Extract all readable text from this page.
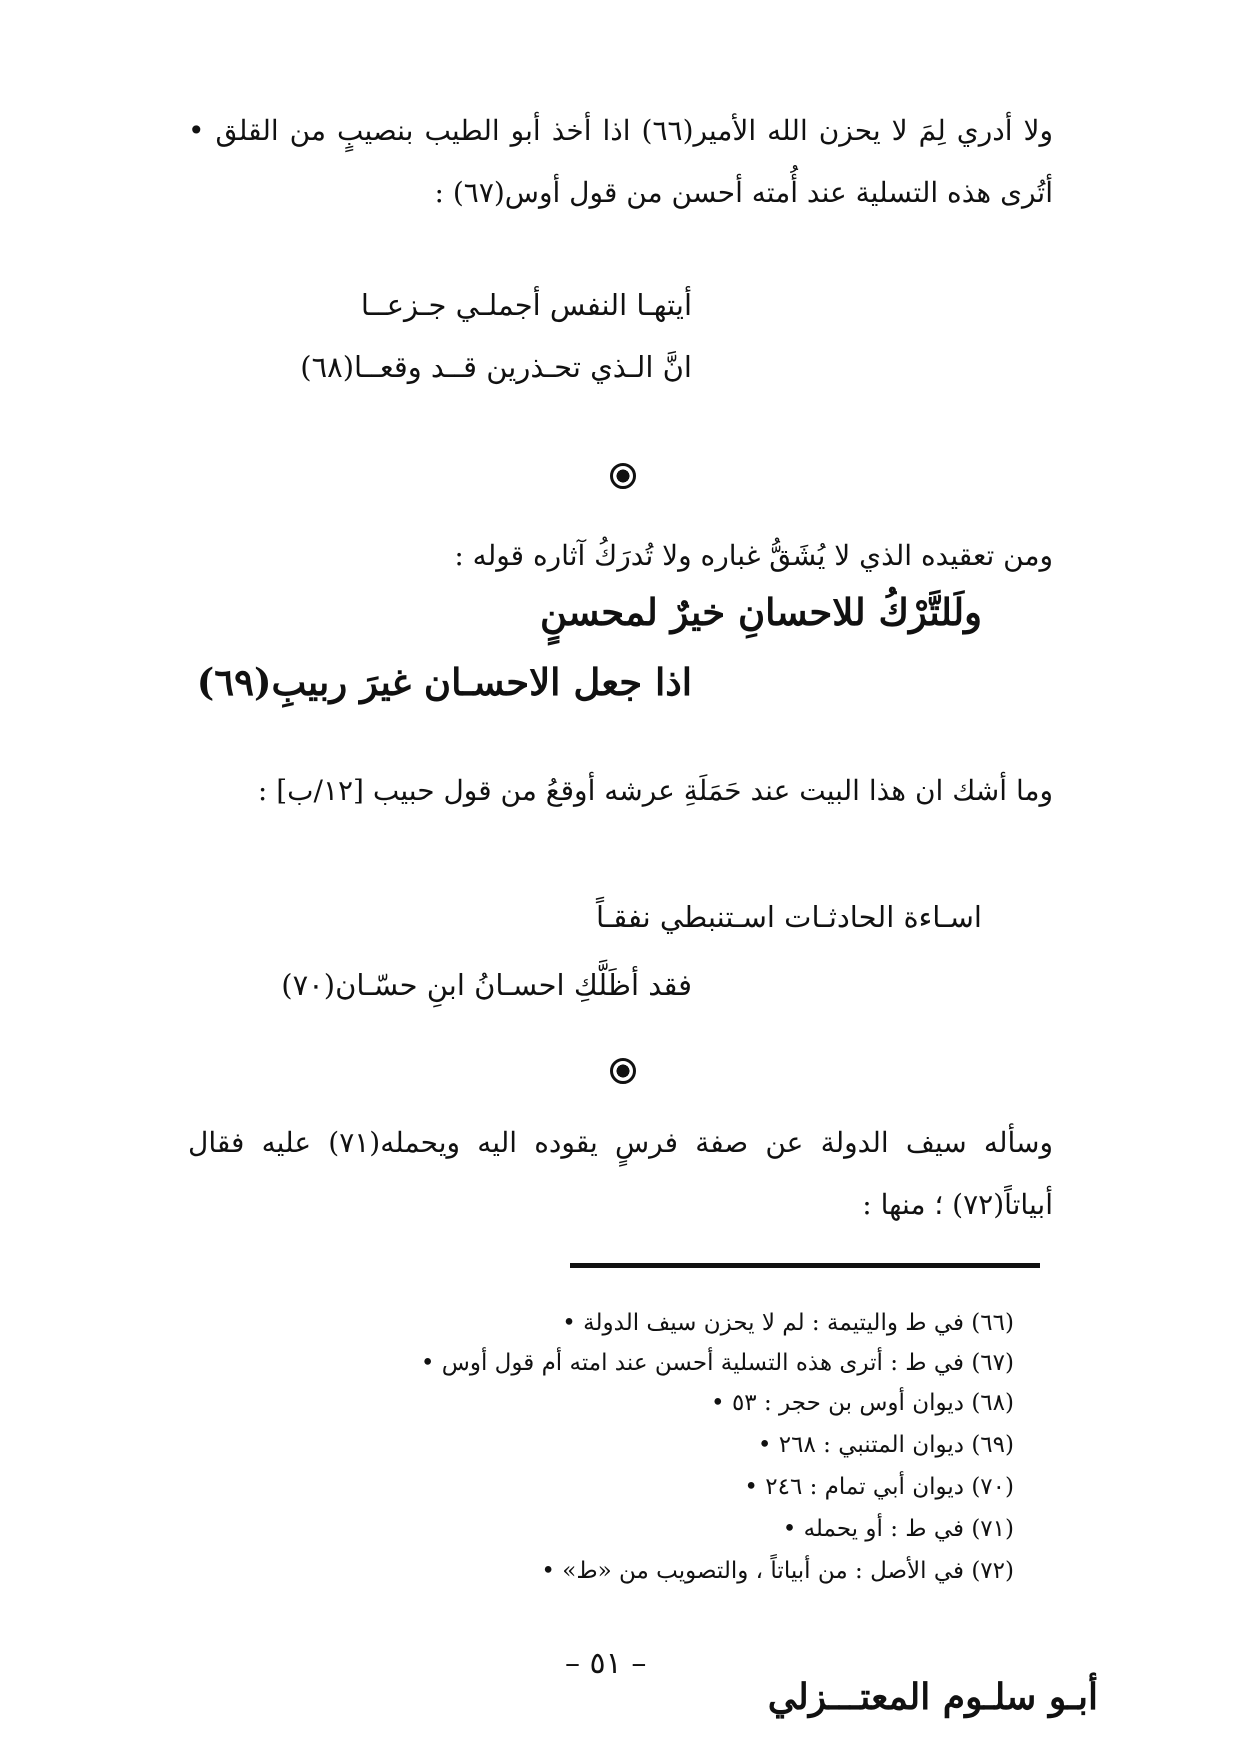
ولا أدري لِمَ لا يحزن الله الأمير(٦٦) اذا أخذ أبو الطيب بنصيبٍ من القلق • أتُرى هذه التسلية عند أُمته أحسن من قول أوس(٦٧) :
أيتهـا النفس أجملـي جـزعــا
انَّ الـذي تحـذرين قــد وقعــا(٦٨)
ومن تعقيده الذي لا يُشَقُّ غباره ولا تُدرَكُ آثاره قوله :
ولَلتَّرْكُ للاحسانِ خيرٌ لمحسنٍ
اذا جعل الاحسـان غيرَ ربيبِ(٦٩)
وما أشك ان هذا البيت عند حَمَلَةِ عرشه أوقعُ من قول حبيب [١٢/ب] :
اسـاءة الحادثـات اسـتنبطي نفقـاً
فقد أظَلَّكِ احسـانُ ابنِ حسّـان(٧٠)
وسأله سيف الدولة عن صفة فرسٍ يقوده اليه ويحمله(٧١) عليه فقال أبياتاً(٧٢) ؛ منها :
(٦٦) في ط واليتيمة : لم لا يحزن سيف الدولة •
(٦٧) في ط : أترى هذه التسلية أحسن عند امته أم قول أوس •
(٦٨) ديوان أوس بن حجر : ٥٣ •
(٦٩) ديوان المتنبي : ٢٦٨ •
(٧٠) ديوان أبي تمام : ٢٤٦ •
(٧١) في ط : أو يحمله •
(٧٢) في الأصل : من أبياتاً ، والتصويب من «ط» •
– ٥١ –
أبـو سلـوم المعتـــزلي
